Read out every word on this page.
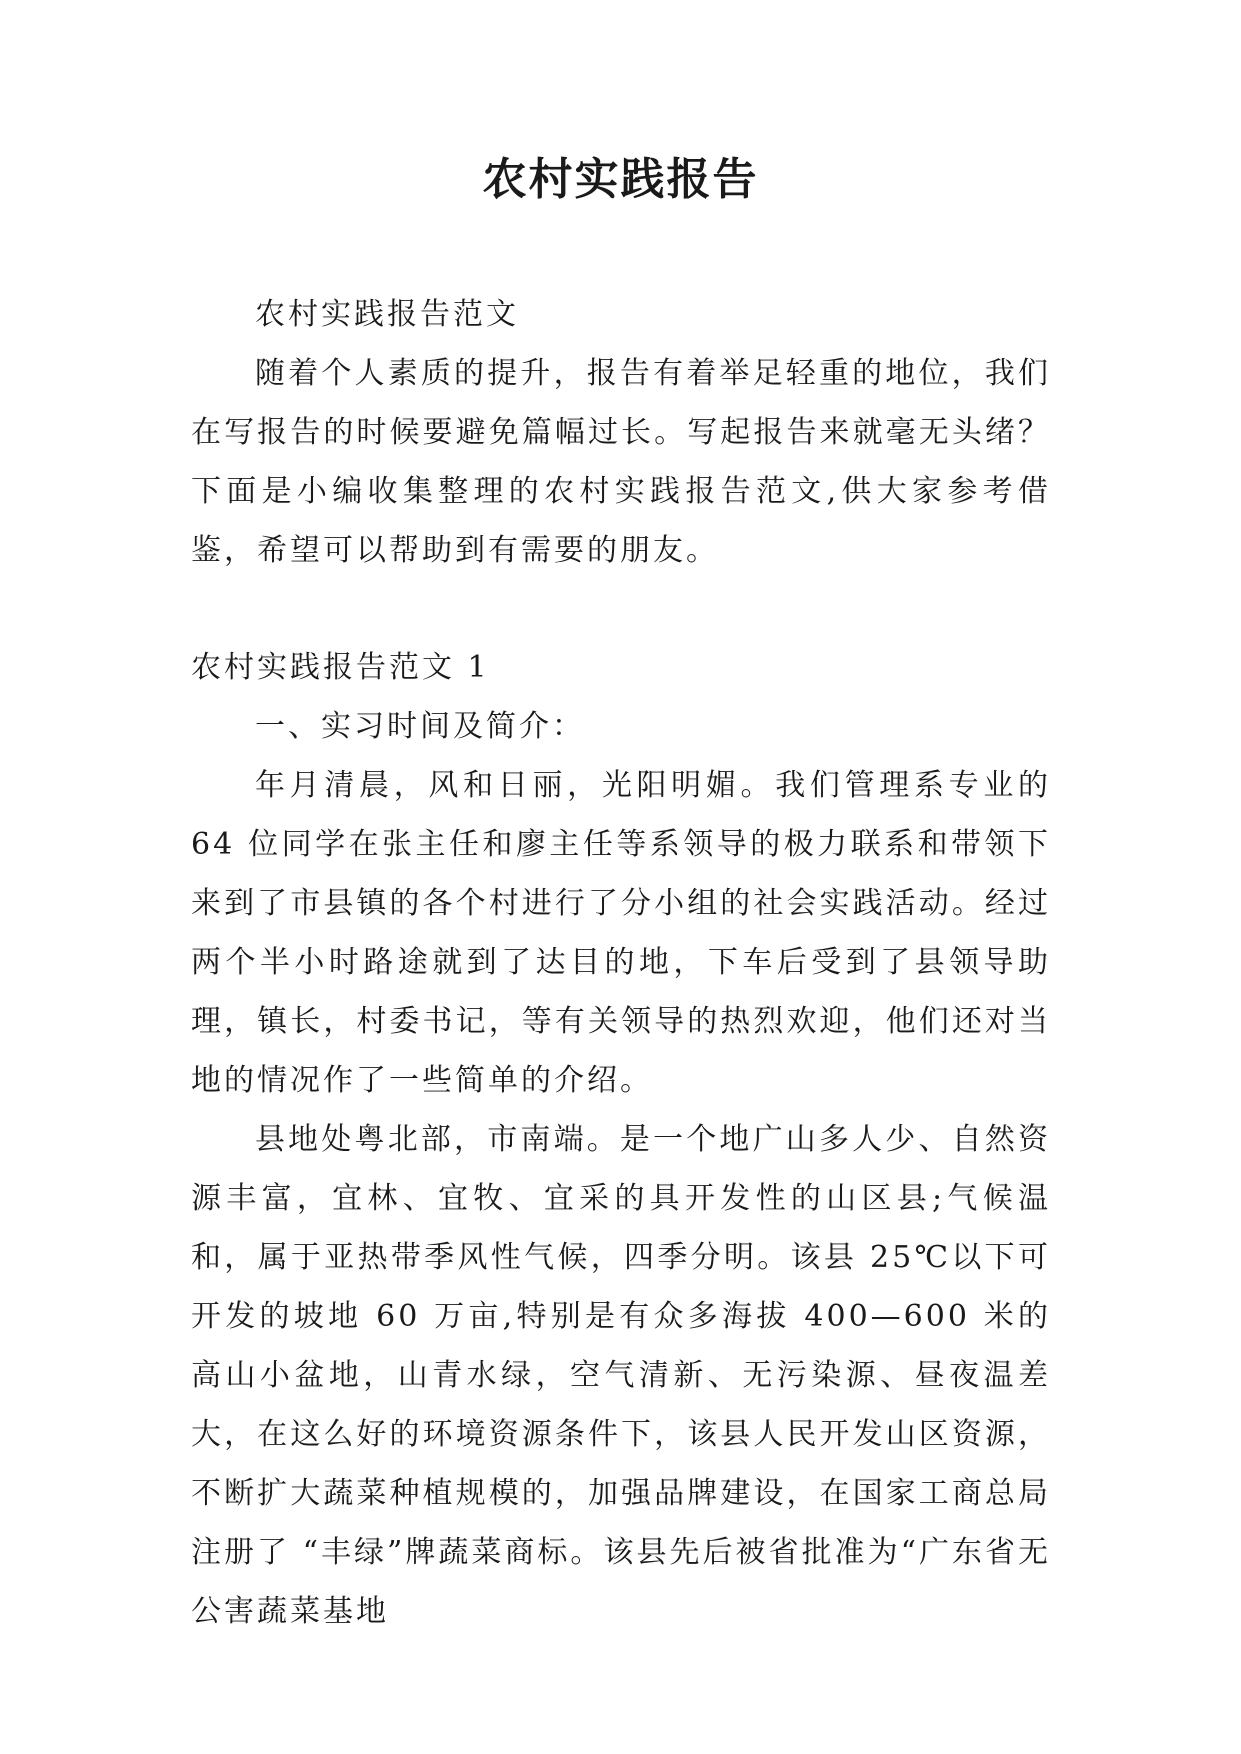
农村实践报告

农村实践报告范文

随着个人素质的提升，报告有着举足轻重的地位，我们在写报告的时候要避免篇幅过长。写起报告来就毫无头绪？下面是小编收集整理的农村实践报告范文,供大家参考借鉴，希望可以帮助到有需要的朋友。

农村实践报告范文 1

一、实习时间及简介：

年月清晨，风和日丽，光阳明媚。我们管理系专业的 64 位同学在张主任和廖主任等系领导的极力联系和带领下来到了市县镇的各个村进行了分小组的社会实践活动。经过两个半小时路途就到了达目的地，下车后受到了县领导助理，镇长，村委书记，等有关领导的热烈欢迎，他们还对当地的情况作了一些简单的介绍。

县地处粤北部，市南端。是一个地广山多人少、自然资源丰富，宜林、宜牧、宜采的具开发性的山区县;气候温和，属于亚热带季风性气候，四季分明。该县 25℃以下可开发的坡地 60 万亩,特别是有众多海拔 400—600 米的高山小盆地，山青水绿，空气清新、无污染源、昼夜温差大，在这么好的环境资源条件下，该县人民开发山区资源，不断扩大蔬菜种植规模的，加强品牌建设，在国家工商总局注册了 “丰绿”牌蔬菜商标。该县先后被省批准为“广东省无公害蔬菜基地
